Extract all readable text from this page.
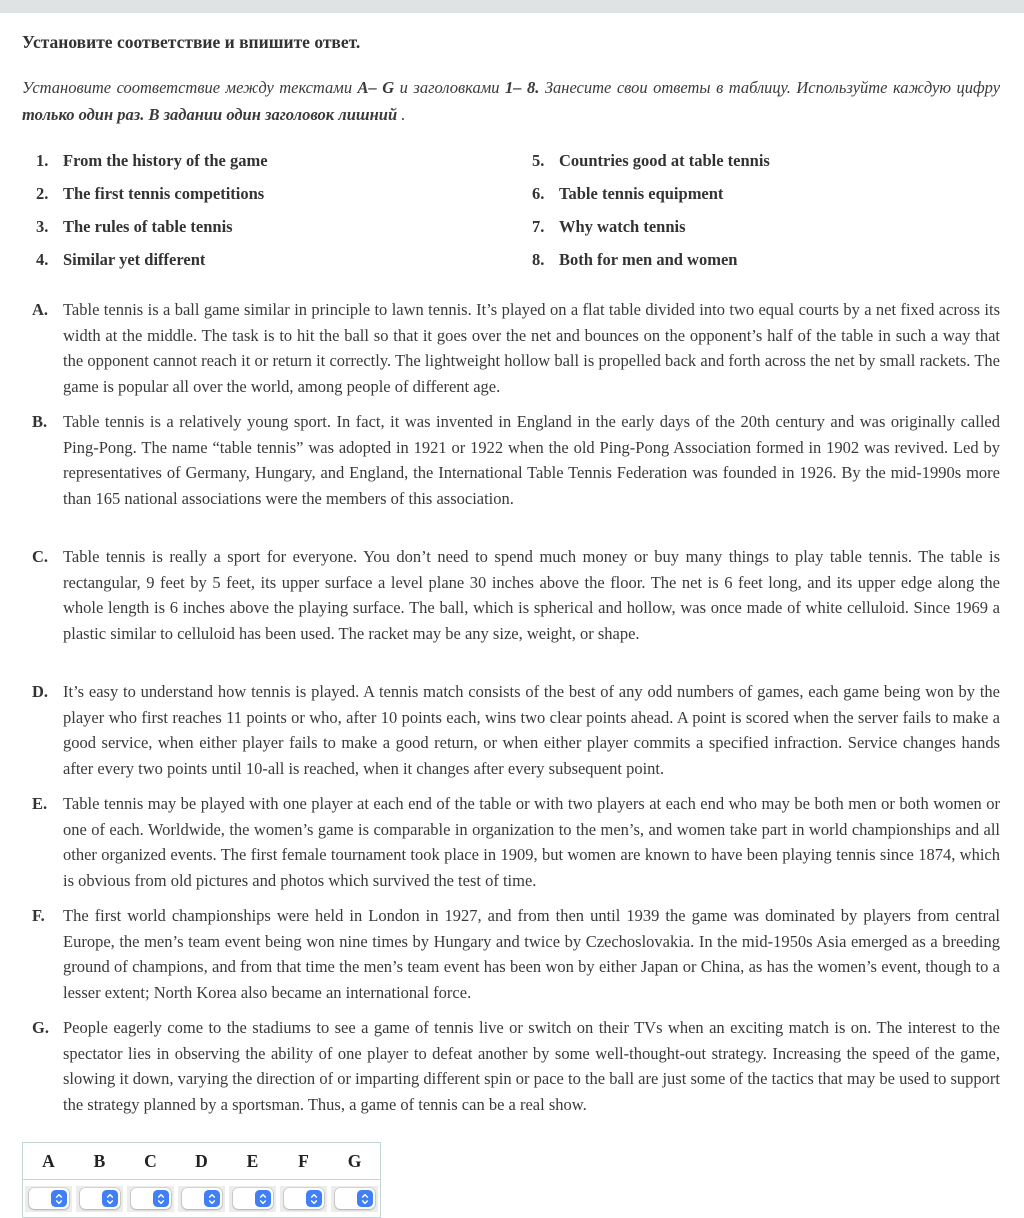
Установите соответствие и впишите ответ.

Установите соответствие между текстами A– G и заголовками 1– 8. Занесите свои ответы в таблицу. Используйте каждую цифру только один раз. В задании один заголовок лишний .

1. From the history of the game	5. Countries good at table tennis
2. The first tennis competitions	6. Table tennis equipment
3. The rules of table tennis	7. Why watch tennis
4. Similar yet different	8. Both for men and women

A. Table tennis is a ball game similar in principle to lawn tennis. It’s played on a flat table divided into two equal courts by a net fixed across its width at the middle. The task is to hit the ball so that it goes over the net and bounces on the opponent’s half of the table in such a way that the opponent cannot reach it or return it correctly. The lightweight hollow ball is propelled back and forth across the net by small rackets. The game is popular all over the world, among people of different age.

B. Table tennis is a relatively young sport. In fact, it was invented in England in the early days of the 20th century and was originally called Ping-Pong. The name “table tennis” was adopted in 1921 or 1922 when the old Ping-Pong Association formed in 1902 was revived. Led by representatives of Germany, Hungary, and England, the International Table Tennis Federation was founded in 1926. By the mid-1990s more than 165 national associations were the members of this association.

C. Table tennis is really a sport for everyone. You don’t need to spend much money or buy many things to play table tennis. The table is rectangular, 9 feet by 5 feet, its upper surface a level plane 30 inches above the floor. The net is 6 feet long, and its upper edge along the whole length is 6 inches above the playing surface. The ball, which is spherical and hollow, was once made of white celluloid. Since 1969 a plastic similar to celluloid has been used. The racket may be any size, weight, or shape.

D. It’s easy to understand how tennis is played. A tennis match consists of the best of any odd numbers of games, each game being won by the player who first reaches 11 points or who, after 10 points each, wins two clear points ahead. A point is scored when the server fails to make a good service, when either player fails to make a good return, or when either player commits a specified infraction. Service changes hands after every two points until 10-all is reached, when it changes after every subsequent point.

E. Table tennis may be played with one player at each end of the table or with two players at each end who may be both men or both women or one of each. Worldwide, the women’s game is comparable in organization to the men’s, and women take part in world championships and all other organized events. The first female tournament took place in 1909, but women are known to have been playing tennis since 1874, which is obvious from old pictures and photos which survived the test of time.

F. The first world championships were held in London in 1927, and from then until 1939 the game was dominated by players from central Europe, the men’s team event being won nine times by Hungary and twice by Czechoslovakia. In the mid-1950s Asia emerged as a breeding ground of champions, and from that time the men’s team event has been won by either Japan or China, as has the women’s event, though to a lesser extent; North Korea also became an international force.

G. People eagerly come to the stadiums to see a game of tennis live or switch on their TVs when an exciting match is on. The interest to the spectator lies in observing the ability of one player to defeat another by some well-thought-out strategy. Increasing the speed of the game, slowing it down, varying the direction of or imparting different spin or pace to the ball are just some of the tactics that may be used to support the strategy planned by a sportsman. Thus, a game of tennis can be a real show.

A	B	C	D	E	F	G
